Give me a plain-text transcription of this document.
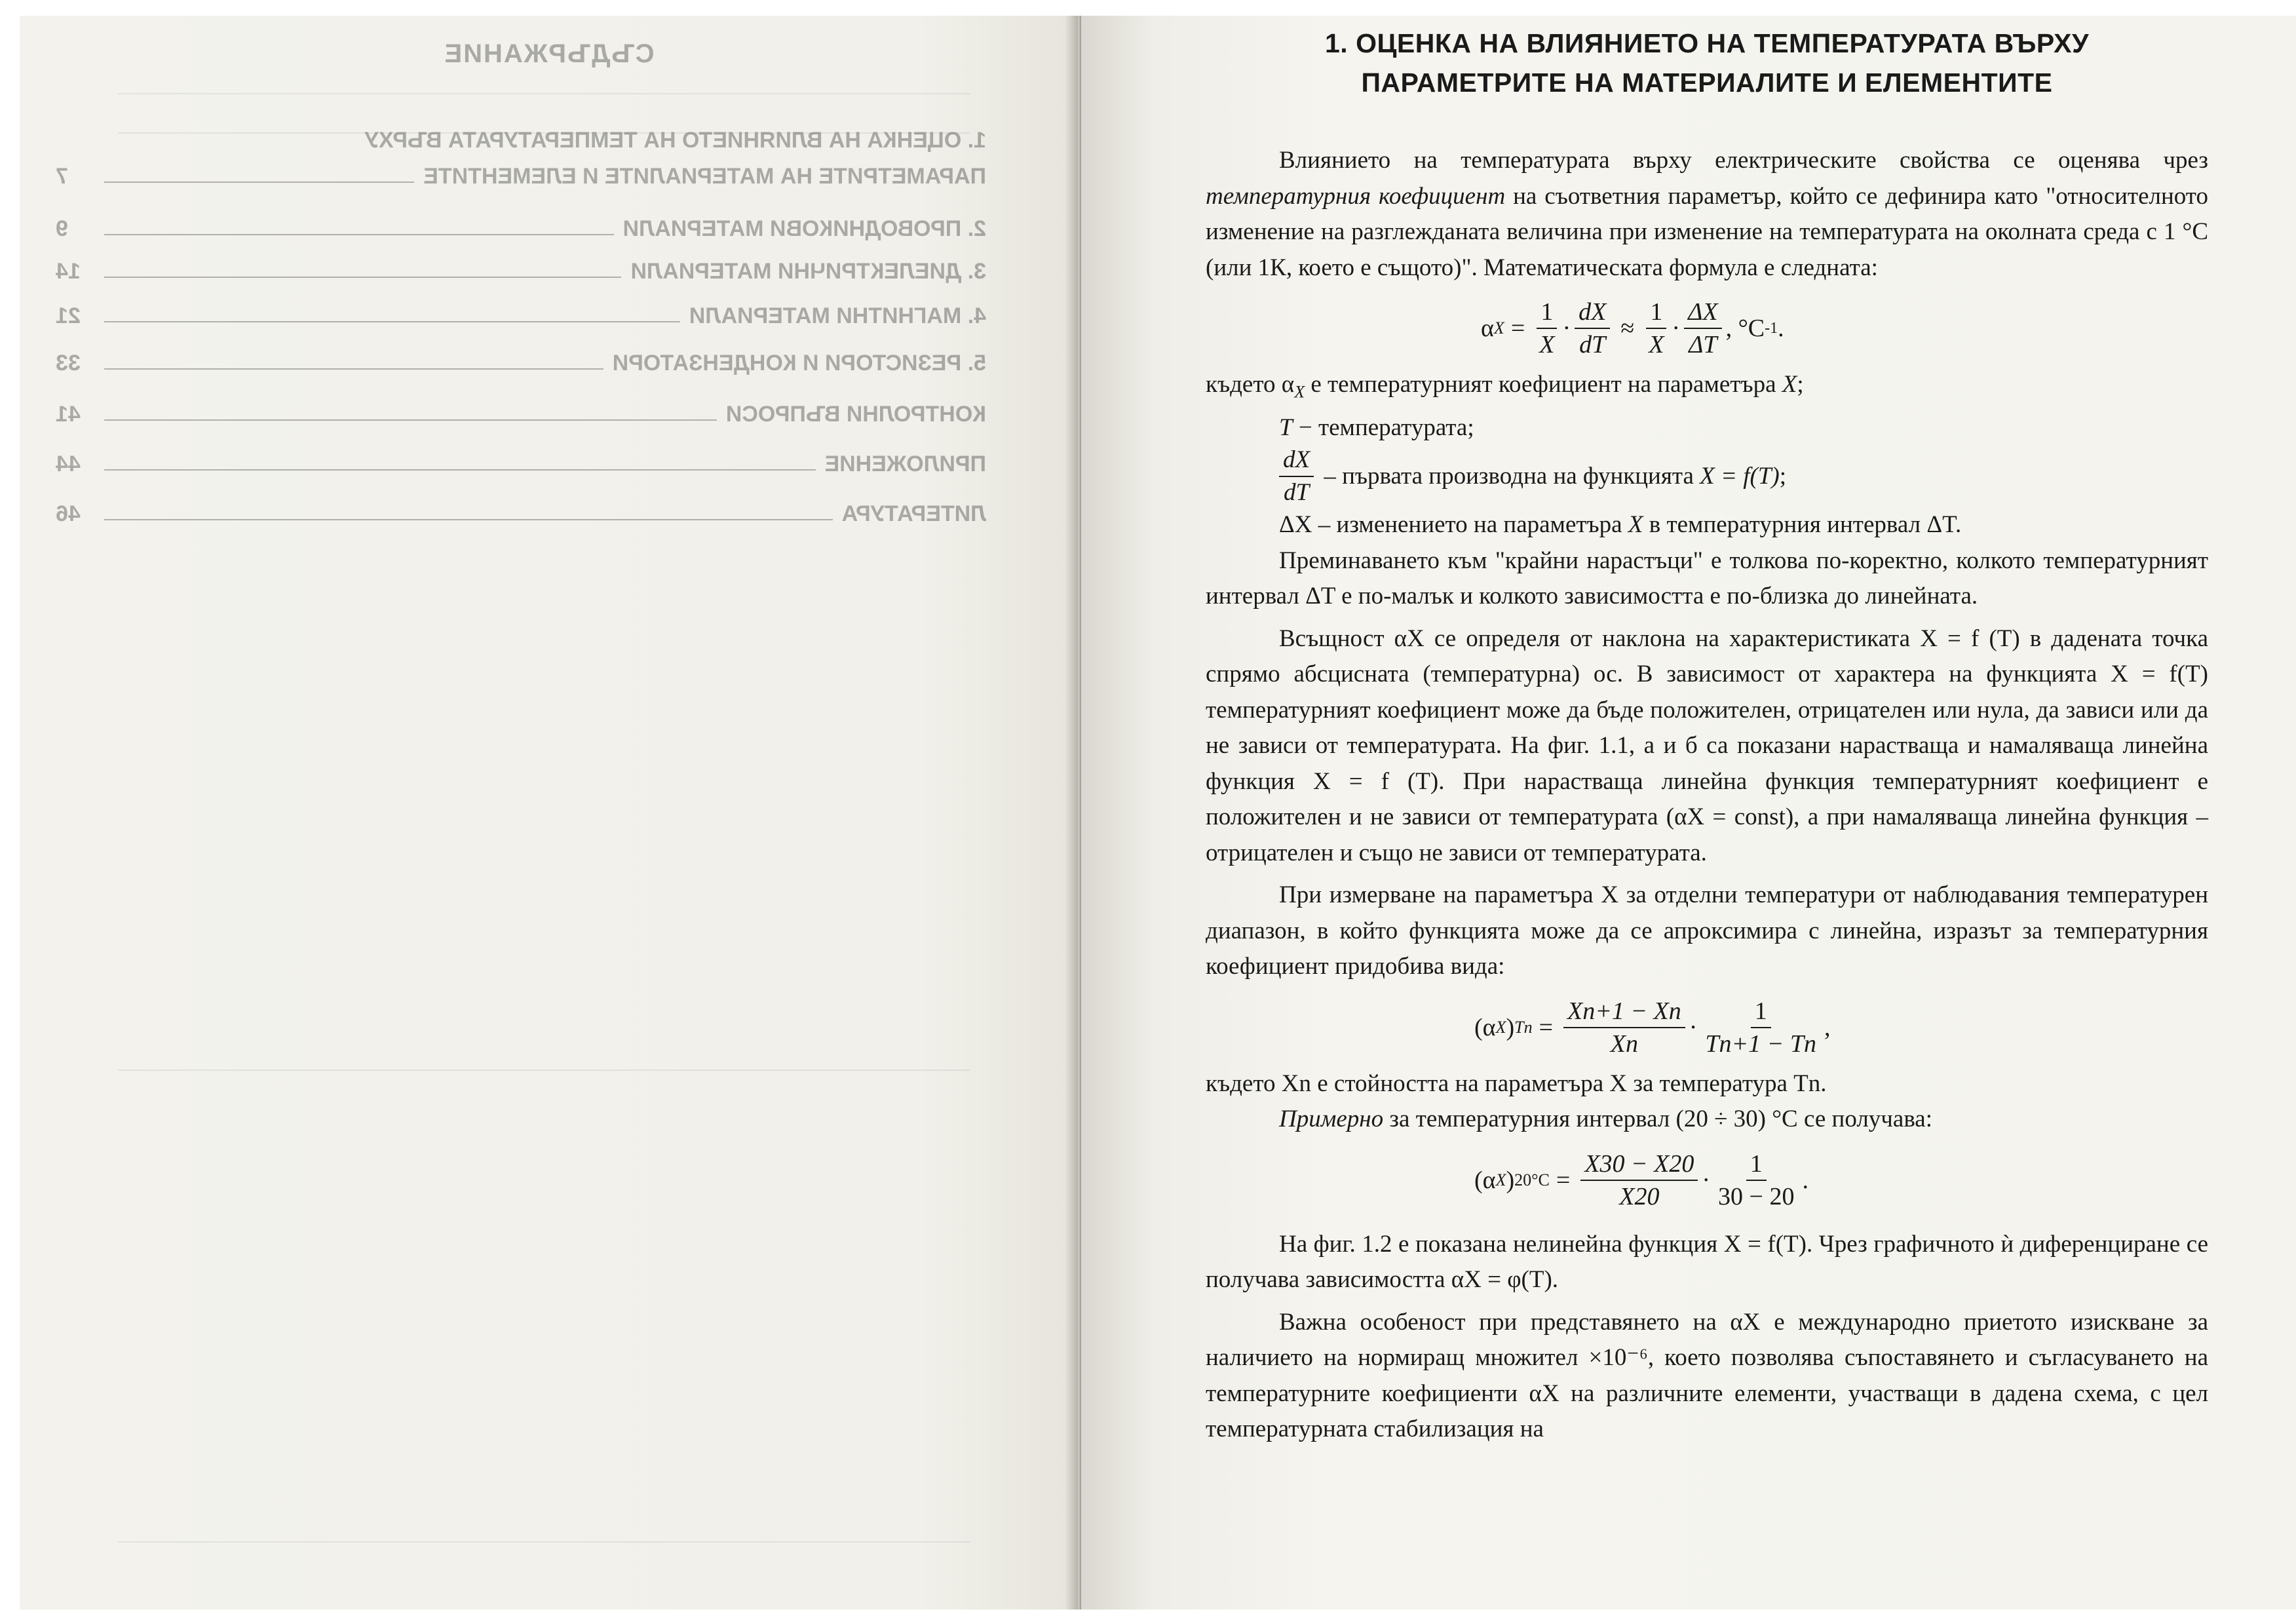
СЪДЪРЖАНИЕ
1. ОЦЕНКА НА ВЛИЯНИЕТО НА ТЕМПЕРАТУРАТА ВЪРХУ
ПАРАМЕТРИТЕ НА МАТЕРИАЛИТЕ И ЕЛЕМЕНТИТЕ
7
2. ПРОВОДНИКОВИ МАТЕРИАЛИ
9
3. ДИЕЛЕКТРИЧНИ МАТЕРИАЛИ
14
4. МАГНИТНИ МАТЕРИАЛИ
21
5. РЕЗИСТОРИ И КОНДЕНЗАТОРИ
33
КОНТРОЛНИ ВЪПРОСИ
41
ПРИЛОЖЕНИЕ
44
ЛИТЕРАТУРА
46
1. ОЦЕНКА НА ВЛИЯНИЕТО НА ТЕМПЕРАТУРАТА ВЪРХУ
ПАРАМЕТРИТЕ НА МАТЕРИАЛИТЕ И ЕЛЕМЕНТИТЕ

Влиянието на температурата върху електрическите свойства се оценява чрез температурния коефициент на съответния параметър, който се дефинира като "относителното изменение на разглежданата величина при изменение на температурата на околната среда с 1 °C (или 1К, което е същото)". Математическата формула е следната:

α $X = \frac{1}{X} \cdot \frac{dX}{dT} \approx \frac{1}{X} \cdot \frac{\Delta X}{\Delta T}$ , °C -1 .

където $\alpha_X$ е температурният коефициент на параметъра X;

T − температурата;

$\frac{dX}{dT}$ – първата производна на функцията X = f(T) ;

ΔX – изменението на параметъра X в температурния интервал ΔT.

Преминаването към "крайни нарастъци" е толкова по-коректно, колкото температурният интервал ΔT е по-малък и колкото зависимостта е по-близка до линейната.

Всъщност αX се определя от наклона на характеристиката X = f (T) в дадената точка спрямо абсцисната (температурна) ос. В зависимост от характера на функцията X = f(T) температурният коефициент може да бъде положителен, отрицателен или нула, да зависи или да не зависи от температурата. На фиг. 1.1, а и б са показани нарастваща и намаляваща линейна функция X = f (T). При нарастваща линейна функция температурният коефициент е положителен и не зависи от температурата (αX = const), а при намаляваща линейна функция – отрицателен и също не зависи от температурата.

При измерване на параметъра X за отделни температури от наблюдавания температурен диапазон, в който функцията може да се апроксимира с линейна, изразът за температурния коефициент придобива вида:

(α X ) $Tn = \frac{Xn+1 - Xn}{Xn} \cdot \frac{1}{Tn+1 - Tn}$ ,

където Xn е стойността на параметъра X за температура Tn.

Примерно за температурния интервал (20 ÷ 30) °C се получава:

(α X ) $20^\circ C = \frac{X30 - X20}{X20} \cdot \frac{1}{30 - 20}$ .

На фиг. 1.2 е показана нелинейна функция X = f(T). Чрез графичното ѝ диференциране се получава зависимостта αX = φ(T).

Важна особеност при представянето на αX е международно приетото изискване за наличието на нормиращ множител ×10⁻⁶, което позволява съпоставянето и съгласуването на температурните коефициенти αX на различните елементи, участващи в дадена схема, с цел температурната стабилизация на
